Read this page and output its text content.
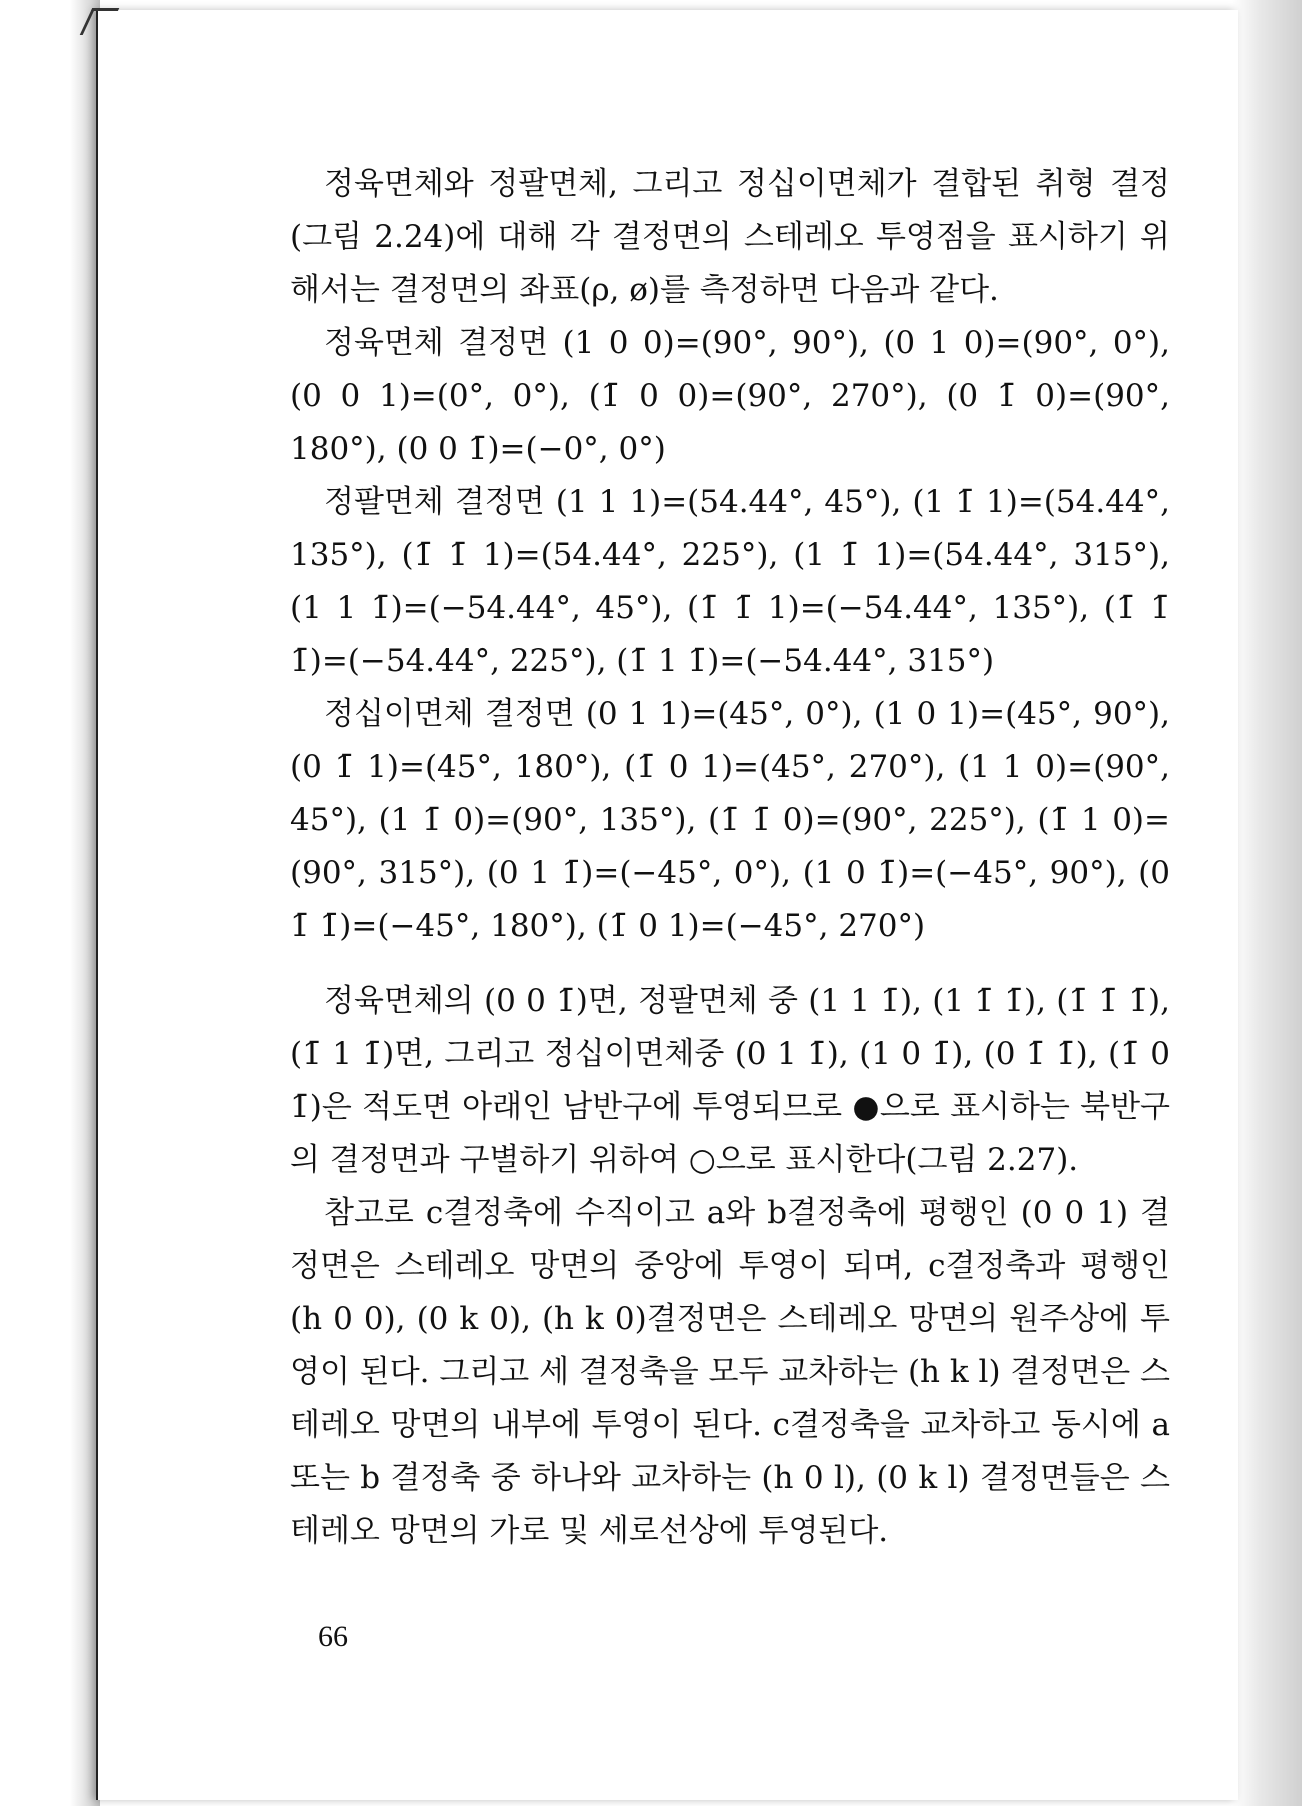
정육면체와 정팔면체, 그리고 정십이면체가 결합된 취형 결정(그림 2.24)에 대해 각 결정면의 스테레오 투영점을 표시하기 위해서는 결정면의 좌표(ρ, ø)를 측정하면 다음과 같다.

정육면체 결정면 (1 0 0)=(90°, 90°), (0 1 0)=(90°, 0°), (0 0 1)=(0°, 0°), (1̄ 0 0)=(90°, 270°), (0 1̄ 0)=(90°, 180°), (0 0 1̄)=(−0°, 0°)

정팔면체 결정면 (1 1 1)=(54.44°, 45°), (1 1̄ 1)=(54.44°, 135°), (1̄ 1̄ 1)=(54.44°, 225°), (1 1̄ 1)=(54.44°, 315°), (1 1 1̄)=(−54.44°, 45°), (1̄ 1̄ 1)=(−54.44°, 135°), (1̄ 1̄ 1̄)=(−54.44°, 225°), (1̄ 1 1̄)=(−54.44°, 315°)

정십이면체 결정면 (0 1 1)=(45°, 0°), (1 0 1)=(45°, 90°), (0 1̄ 1)=(45°, 180°), (1̄ 0 1)=(45°, 270°), (1 1 0)=(90°, 45°), (1 1̄ 0)=(90°, 135°), (1̄ 1̄ 0)=(90°, 225°), (1̄ 1 0)=(90°, 315°), (0 1 1̄)=(−45°, 0°), (1 0 1̄)=(−45°, 90°), (0 1̄ 1̄)=(−45°, 180°), (1̄ 0 1)=(−45°, 270°)

정육면체의 (0 0 1̄)면, 정팔면체 중 (1 1 1̄), (1 1̄ 1̄), (1̄ 1̄ 1̄), (1̄ 1 1̄)면, 그리고 정십이면체중 (0 1 1̄), (1 0 1̄), (0 1̄ 1̄), (1̄ 0 1̄)은 적도면 아래인 남반구에 투영되므로 ●으로 표시하는 북반구의 결정면과 구별하기 위하여 ○으로 표시한다(그림 2.27).

참고로 c결정축에 수직이고 a와 b결정축에 평행인 (0 0 1) 결정면은 스테레오 망면의 중앙에 투영이 되며, c결정축과 평행인 (h 0 0), (0 k 0), (h k 0)결정면은 스테레오 망면의 원주상에 투영이 된다. 그리고 세 결정축을 모두 교차하는 (h k l) 결정면은 스테레오 망면의 내부에 투영이 된다. c결정축을 교차하고 동시에 a 또는 b 결정축 중 하나와 교차하는 (h 0 l), (0 k l) 결정면들은 스테레오 망면의 가로 및 세로선상에 투영된다.

66
